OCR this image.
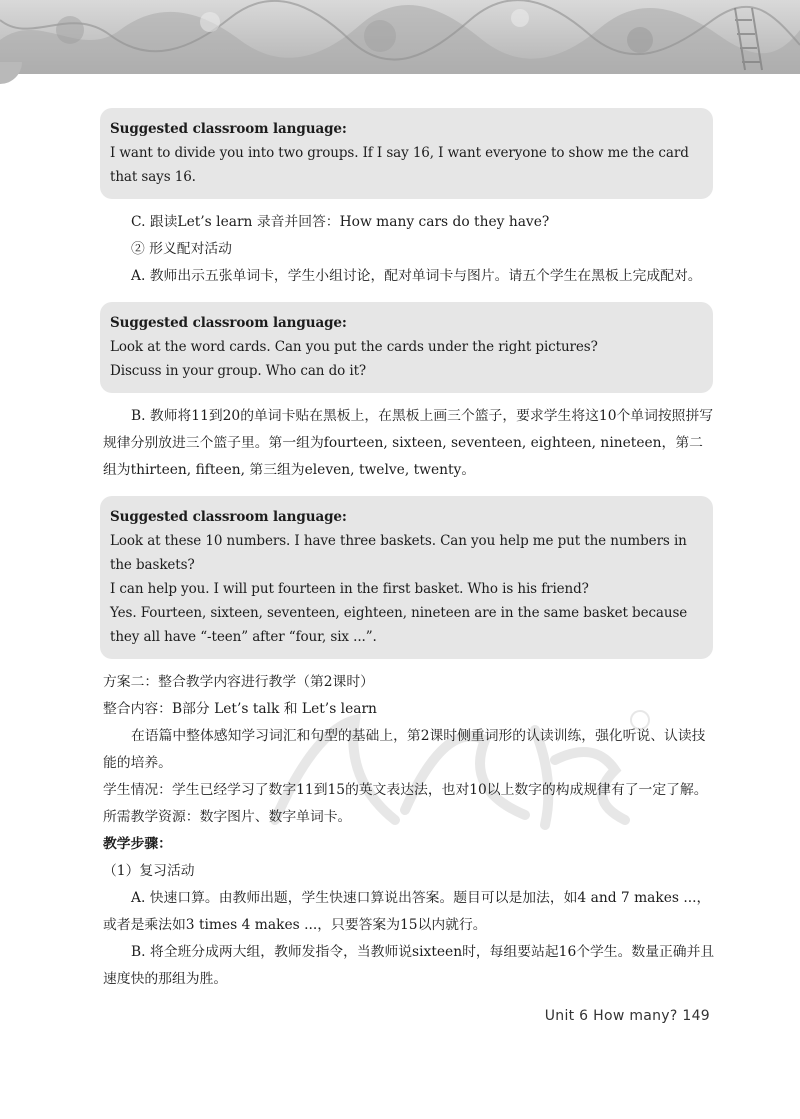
Suggested classroom language:

I want to divide you into two groups. If I say 16, I want everyone to show me the card that says 16.

C. 跟读Let’s learn 录音并回答：How many cars do they have?

② 形义配对活动

A. 教师出示五张单词卡，学生小组讨论，配对单词卡与图片。请五个学生在黑板上完成配对。

Suggested classroom language:

Look at the word cards. Can you put the cards under the right pictures?

Discuss in your group. Who can do it?

B. 教师将11到20的单词卡贴在黑板上，在黑板上画三个篮子，要求学生将这10个单词按照拼写规律分别放进三个篮子里。第一组为fourteen, sixteen, seventeen, eighteen, nineteen，第二组为thirteen, fifteen, 第三组为eleven, twelve, twenty。

Suggested classroom language:

Look at these 10 numbers. I have three baskets. Can you help me put the numbers in the baskets?

I can help you. I will put fourteen in the first basket. Who is his friend?

Yes. Fourteen, sixteen, seventeen, eighteen, nineteen are in the same basket because they all have “-teen” after “four, six ...”.

方案二：整合教学内容进行教学（第2课时）

整合内容：B部分 Let’s talk 和 Let’s learn

在语篇中整体感知学习词汇和句型的基础上，第2课时侧重词形的认读训练，强化听说、认读技能的培养。

学生情况：学生已经学习了数字11到15的英文表达法，也对10以上数字的构成规律有了一定了解。

所需教学资源：数字图片、数字单词卡。

教学步骤：

（1）复习活动

A. 快速口算。由教师出题，学生快速口算说出答案。题目可以是加法，如4 and 7 makes ...，或者是乘法如3 times 4 makes ...，只要答案为15以内就行。

B. 将全班分成两大组，教师发指令，当教师说sixteen时，每组要站起16个学生。数量正确并且速度快的那组为胜。

Unit 6 How many? 149
